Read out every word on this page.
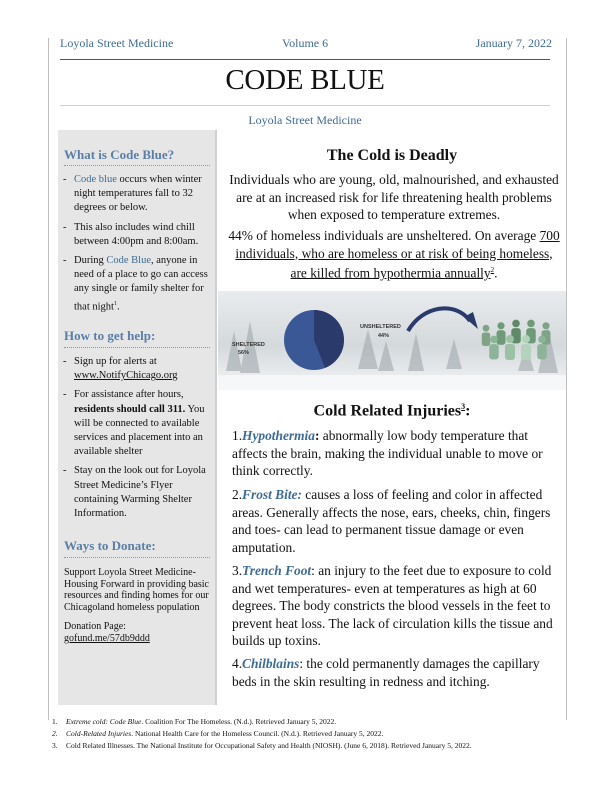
Loyola Street Medicine	Volume 6	January 7, 2022
CODE BLUE
Loyola Street Medicine
What is Code Blue?
- Code blue occurs when winter night temperatures fall to 32 degrees or below.
- This also includes wind chill between 4:00pm and 8:00am.
- During Code Blue, anyone in need of a place to go can access any single or family shelter for that night$^1$.
How to get help:
- Sign up for alerts at
www.NotifyChicago.org
- For assistance after hours, residents should call 311. You will be connected to available services and placement into an available shelter
- Stay on the look out for Loyola Street Medicine’s Flyer containing Warming Shelter Information.
Ways to Donate:

Support Loyola Street Medicine-Housing Forward in providing basic resources and finding homes for our Chicagoland homeless population

Donation Page: gofund.me/57db9ddd

The Cold is Deadly

Individuals who are young, old, malnourished, and exhausted are at an increased risk for life threatening health problems when exposed to temperature extremes.

44% of homeless individuals are unsheltered. On average 700 individuals, who are homeless or at risk of being homeless, are killed from hypothermia annually$^2$.

SHELTERED
56%
UNSHELTERED
44%
Cold Related Injuries$^3$:

1.Hypothermia: abnormally low body temperature that affects the brain, making the individual unable to move or think correctly.

2.Frost Bite: causes a loss of feeling and color in affected areas. Generally affects the nose, ears, cheeks, chin, fingers and toes- can lead to permanent tissue damage or even amputation.

3.Trench Foot: an injury to the feet due to exposure to cold and wet temperatures- even at temperatures as high at 60 degrees. The body constricts the blood vessels in the feet to prevent heat loss. The lack of circulation kills the tissue and builds up toxins.

4.Chilblains: the cold permanently damages the capillary beds in the skin resulting in redness and itching.

1. Extreme cold: Code Blue. Coalition For The Homeless. (N.d.). Retrieved January 5, 2022.
2. Cold-Related Injuries. National Health Care for the Homeless Council. (N.d.). Retrieved January 5, 2022.
3. Cold Related Illnesses. The National Institute for Occupational Safety and Health (NIOSH). (June 6, 2018). Retrieved January 5, 2022.
